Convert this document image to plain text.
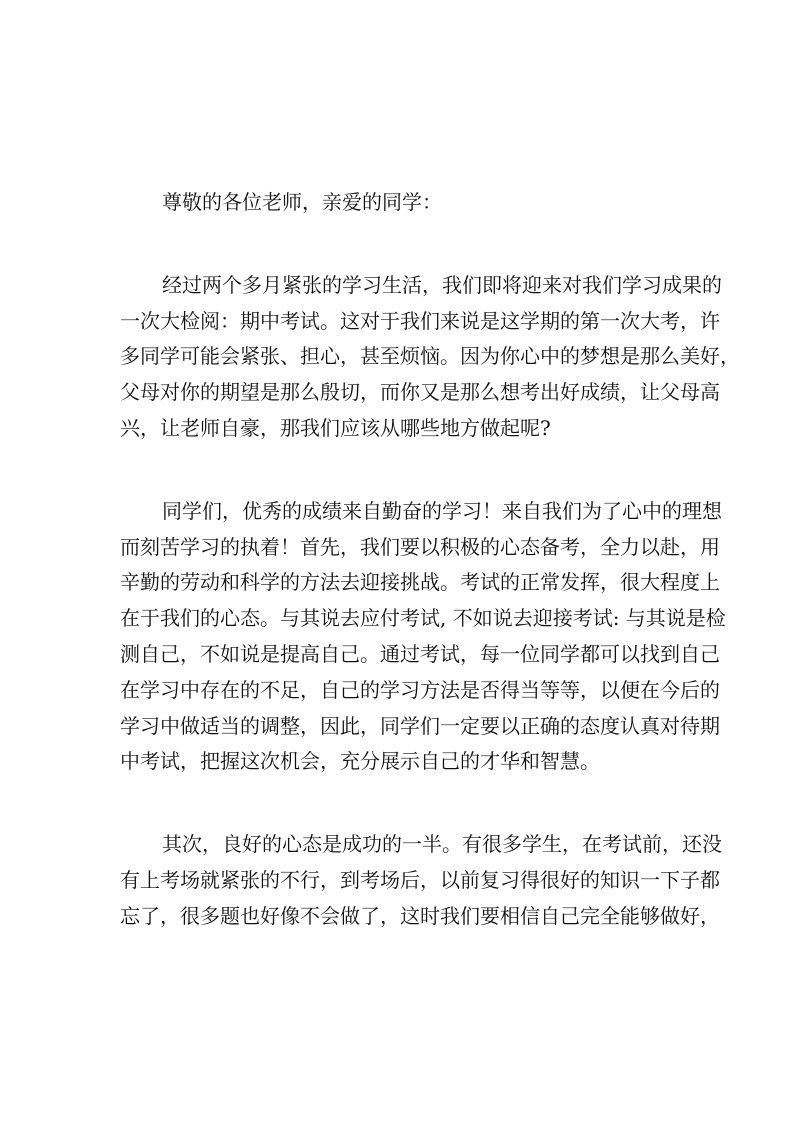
尊敬的各位老师，亲爱的同学：
经过两个多月紧张的学习生活，我们即将迎来对我们学习成果的
一次大检阅：期中考试。这对于我们来说是这学期的第一次大考，许
多同学可能会紧张、担心，甚至烦恼。因为你心中的梦想是那么美好，
父母对你的期望是那么殷切，而你又是那么想考出好成绩，让父母高
兴，让老师自豪，那我们应该从哪些地方做起呢?
同学们，优秀的成绩来自勤奋的学习！来自我们为了心中的理想
而刻苦学习的执着！首先，我们要以积极的心态备考，全力以赴，用
辛勤的劳动和科学的方法去迎接挑战。考试的正常发挥，很大程度上
在于我们的心态。与其说去应付考试, 不如说去迎接考试: 与其说是检
测自己，不如说是提高自己。通过考试，每一位同学都可以找到自己
在学习中存在的不足，自己的学习方法是否得当等等，以便在今后的
学习中做适当的调整，因此，同学们一定要以正确的态度认真对待期
中考试，把握这次机会，充分展示自己的才华和智慧。
其次，良好的心态是成功的一半。有很多学生，在考试前，还没
有上考场就紧张的不行，到考场后，以前复习得很好的知识一下子都
忘了，很多题也好像不会做了，这时我们要相信自己完全能够做好，
